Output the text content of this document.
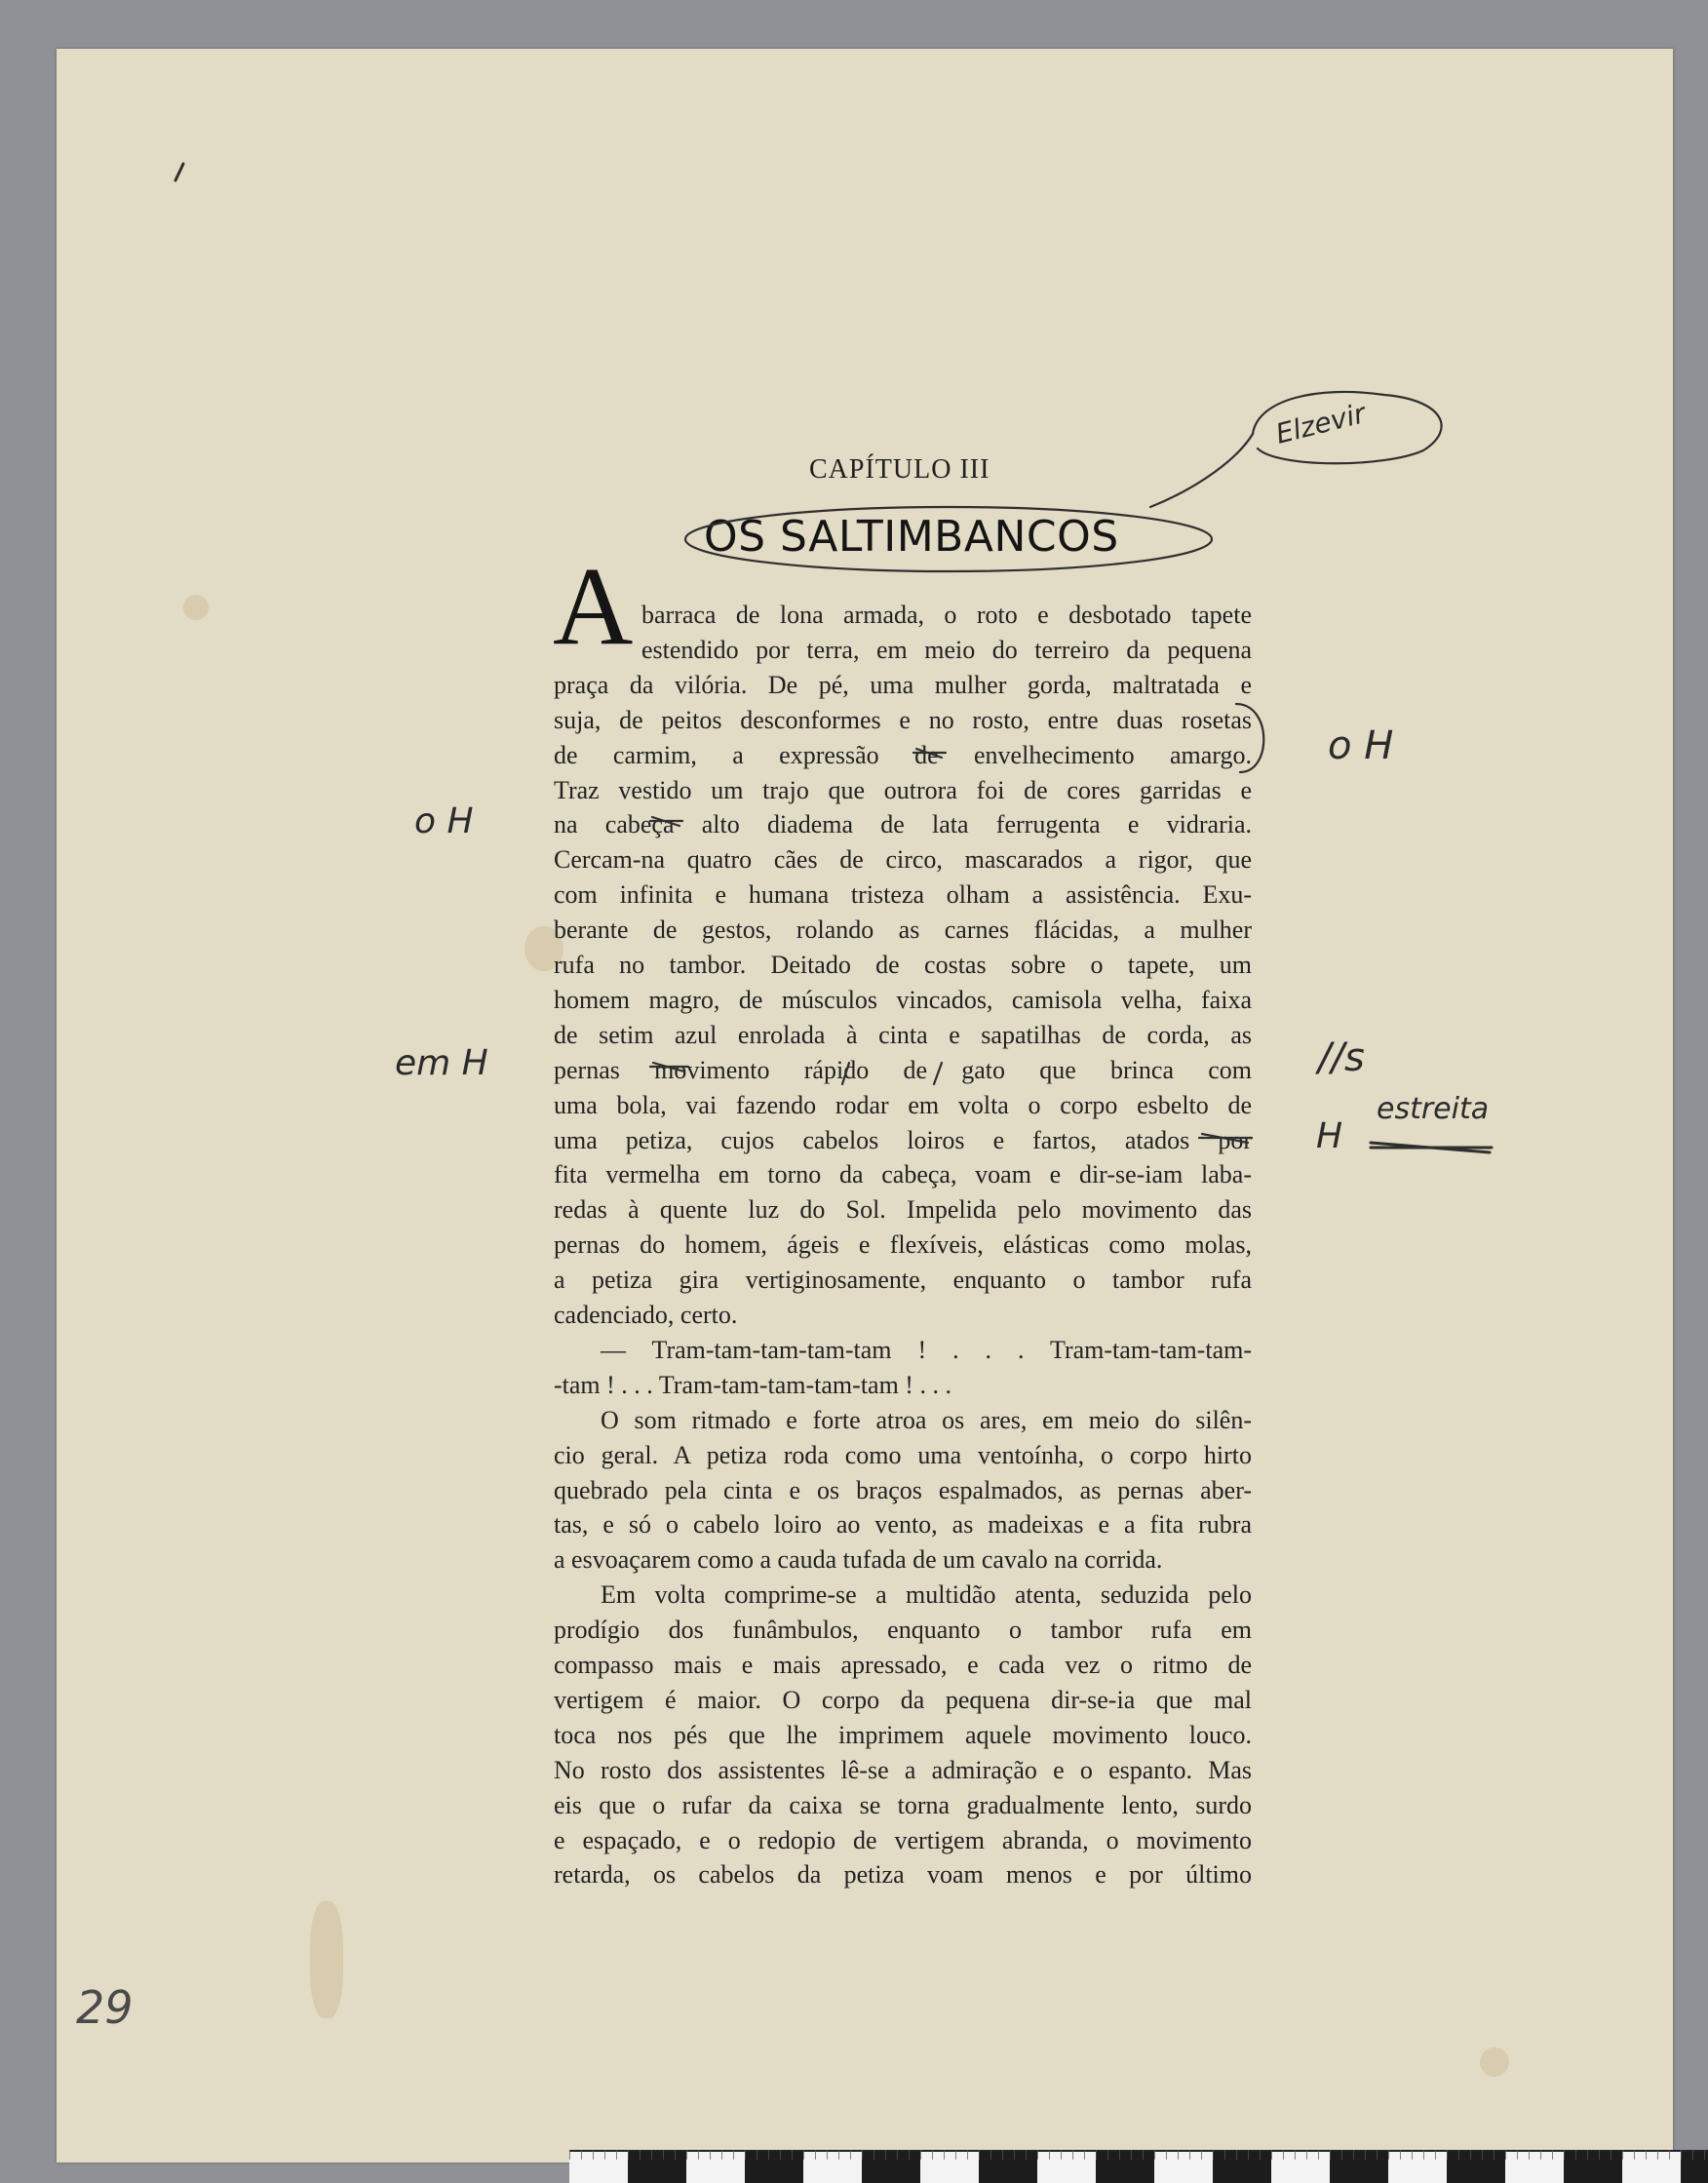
CAPÍTULO III
OS SALTIMBANCOS
A barraca de lona armada, o roto e desbotado tapete
estendido por terra, em meio do terreiro da pequena
praça da vilória. De pé, uma mulher gorda, maltratada e
suja, de peitos desconformes e no rosto, entre duas rosetas
de carmim, a expressão de envelhecimento amargo.
Traz vestido um trajo que outrora foi de cores garridas e
na cabeça alto diadema de lata ferrugenta e vidraria.
Cercam-na quatro cães de circo, mascarados a rigor, que
com infinita e humana tristeza olham a assistência. Exu-
berante de gestos, rolando as carnes flácidas, a mulher
rufa no tambor. Deitado de costas sobre o tapete, um
homem magro, de músculos vincados, camisola velha, faixa
de setim azul enrolada à cinta e sapatilhas de corda, as
pernas movimento rápido de gato que brinca com
uma bola, vai fazendo rodar em volta o corpo esbelto de
uma petiza, cujos cabelos loiros e fartos, atados por
fita vermelha em torno da cabeça, voam e dir-se-iam laba-
redas à quente luz do Sol. Impelida pelo movimento das
pernas do homem, ágeis e flexíveis, elásticas como molas,
a petiza gira vertiginosamente, enquanto o tambor rufa
cadenciado, certo.
— Tram-tam-tam-tam-tam ! . . . Tram-tam-tam-tam-
-tam ! . . . Tram-tam-tam-tam-tam ! . . .
O som ritmado e forte atroa os ares, em meio do silên-
cio geral. A petiza roda como uma ventoínha, o corpo hirto
quebrado pela cinta e os braços espalmados, as pernas aber-
tas, e só o cabelo loiro ao vento, as madeixas e a fita rubra
a esvoaçarem como a cauda tufada de um cavalo na corrida.
Em volta comprime-se a multidão atenta, seduzida pelo
prodígio dos funâmbulos, enquanto o tambor rufa em
compasso mais e mais apressado, e cada vez o ritmo de
vertigem é maior. O corpo da pequena dir-se-ia que mal
toca nos pés que lhe imprimem aquele movimento louco.
No rosto dos assistentes lê-se a admiração e o espanto. Mas
eis que o rufar da caixa se torna gradualmente lento, surdo
e espaçado, e o redopio de vertigem abranda, o movimento
retarda, os cabelos da petiza voam menos e por último
Elzevir
o H
o H
em H	//s
H
estreita
29
